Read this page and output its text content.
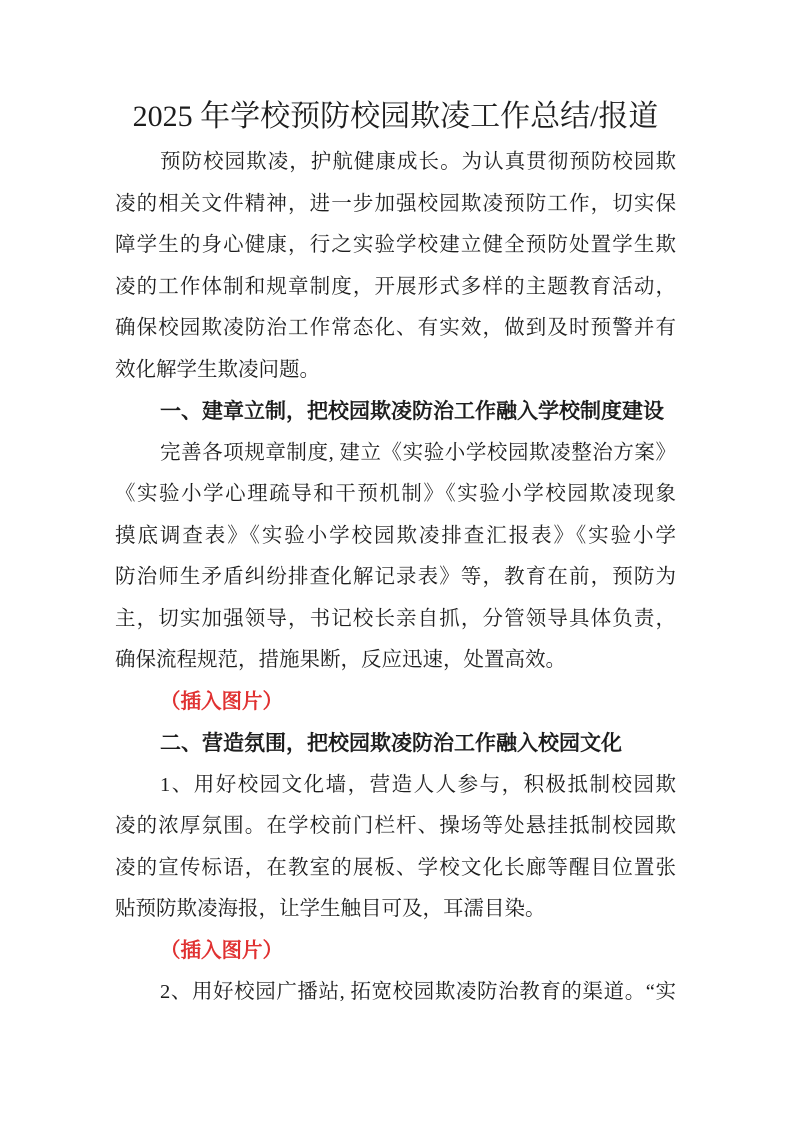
2025 年学校预防校园欺凌工作总结/报道
预防校园欺凌，护航健康成长。为认真贯彻预防校园欺
凌的相关文件精神，进一步加强校园欺凌预防工作，切实保
障学生的身心健康，行之实验学校建立健全预防处置学生欺
凌的工作体制和规章制度，开展形式多样的主题教育活动，
确保校园欺凌防治工作常态化、有实效，做到及时预警并有
效化解学生欺凌问题。
一、建章立制，把校园欺凌防治工作融入学校制度建设
完善各项规章制度, 建立《实验小学校园欺凌整治方案》
《实验小学心理疏导和干预机制》《实验小学校园欺凌现象
摸底调查表》《实验小学校园欺凌排查汇报表》《实验小学
防治师生矛盾纠纷排查化解记录表》等，教育在前，预防为
主，切实加强领导，书记校长亲自抓，分管领导具体负责，
确保流程规范，措施果断，反应迅速，处置高效。
（插入图片）
二、营造氛围，把校园欺凌防治工作融入校园文化
1、用好校园文化墙，营造人人参与，积极抵制校园欺
凌的浓厚氛围。在学校前门栏杆、操场等处悬挂抵制校园欺
凌的宣传标语，在教室的展板、学校文化长廊等醒目位置张
贴预防欺凌海报，让学生触目可及，耳濡目染。
（插入图片）
2、用好校园广播站, 拓宽校园欺凌防治教育的渠道。“实
